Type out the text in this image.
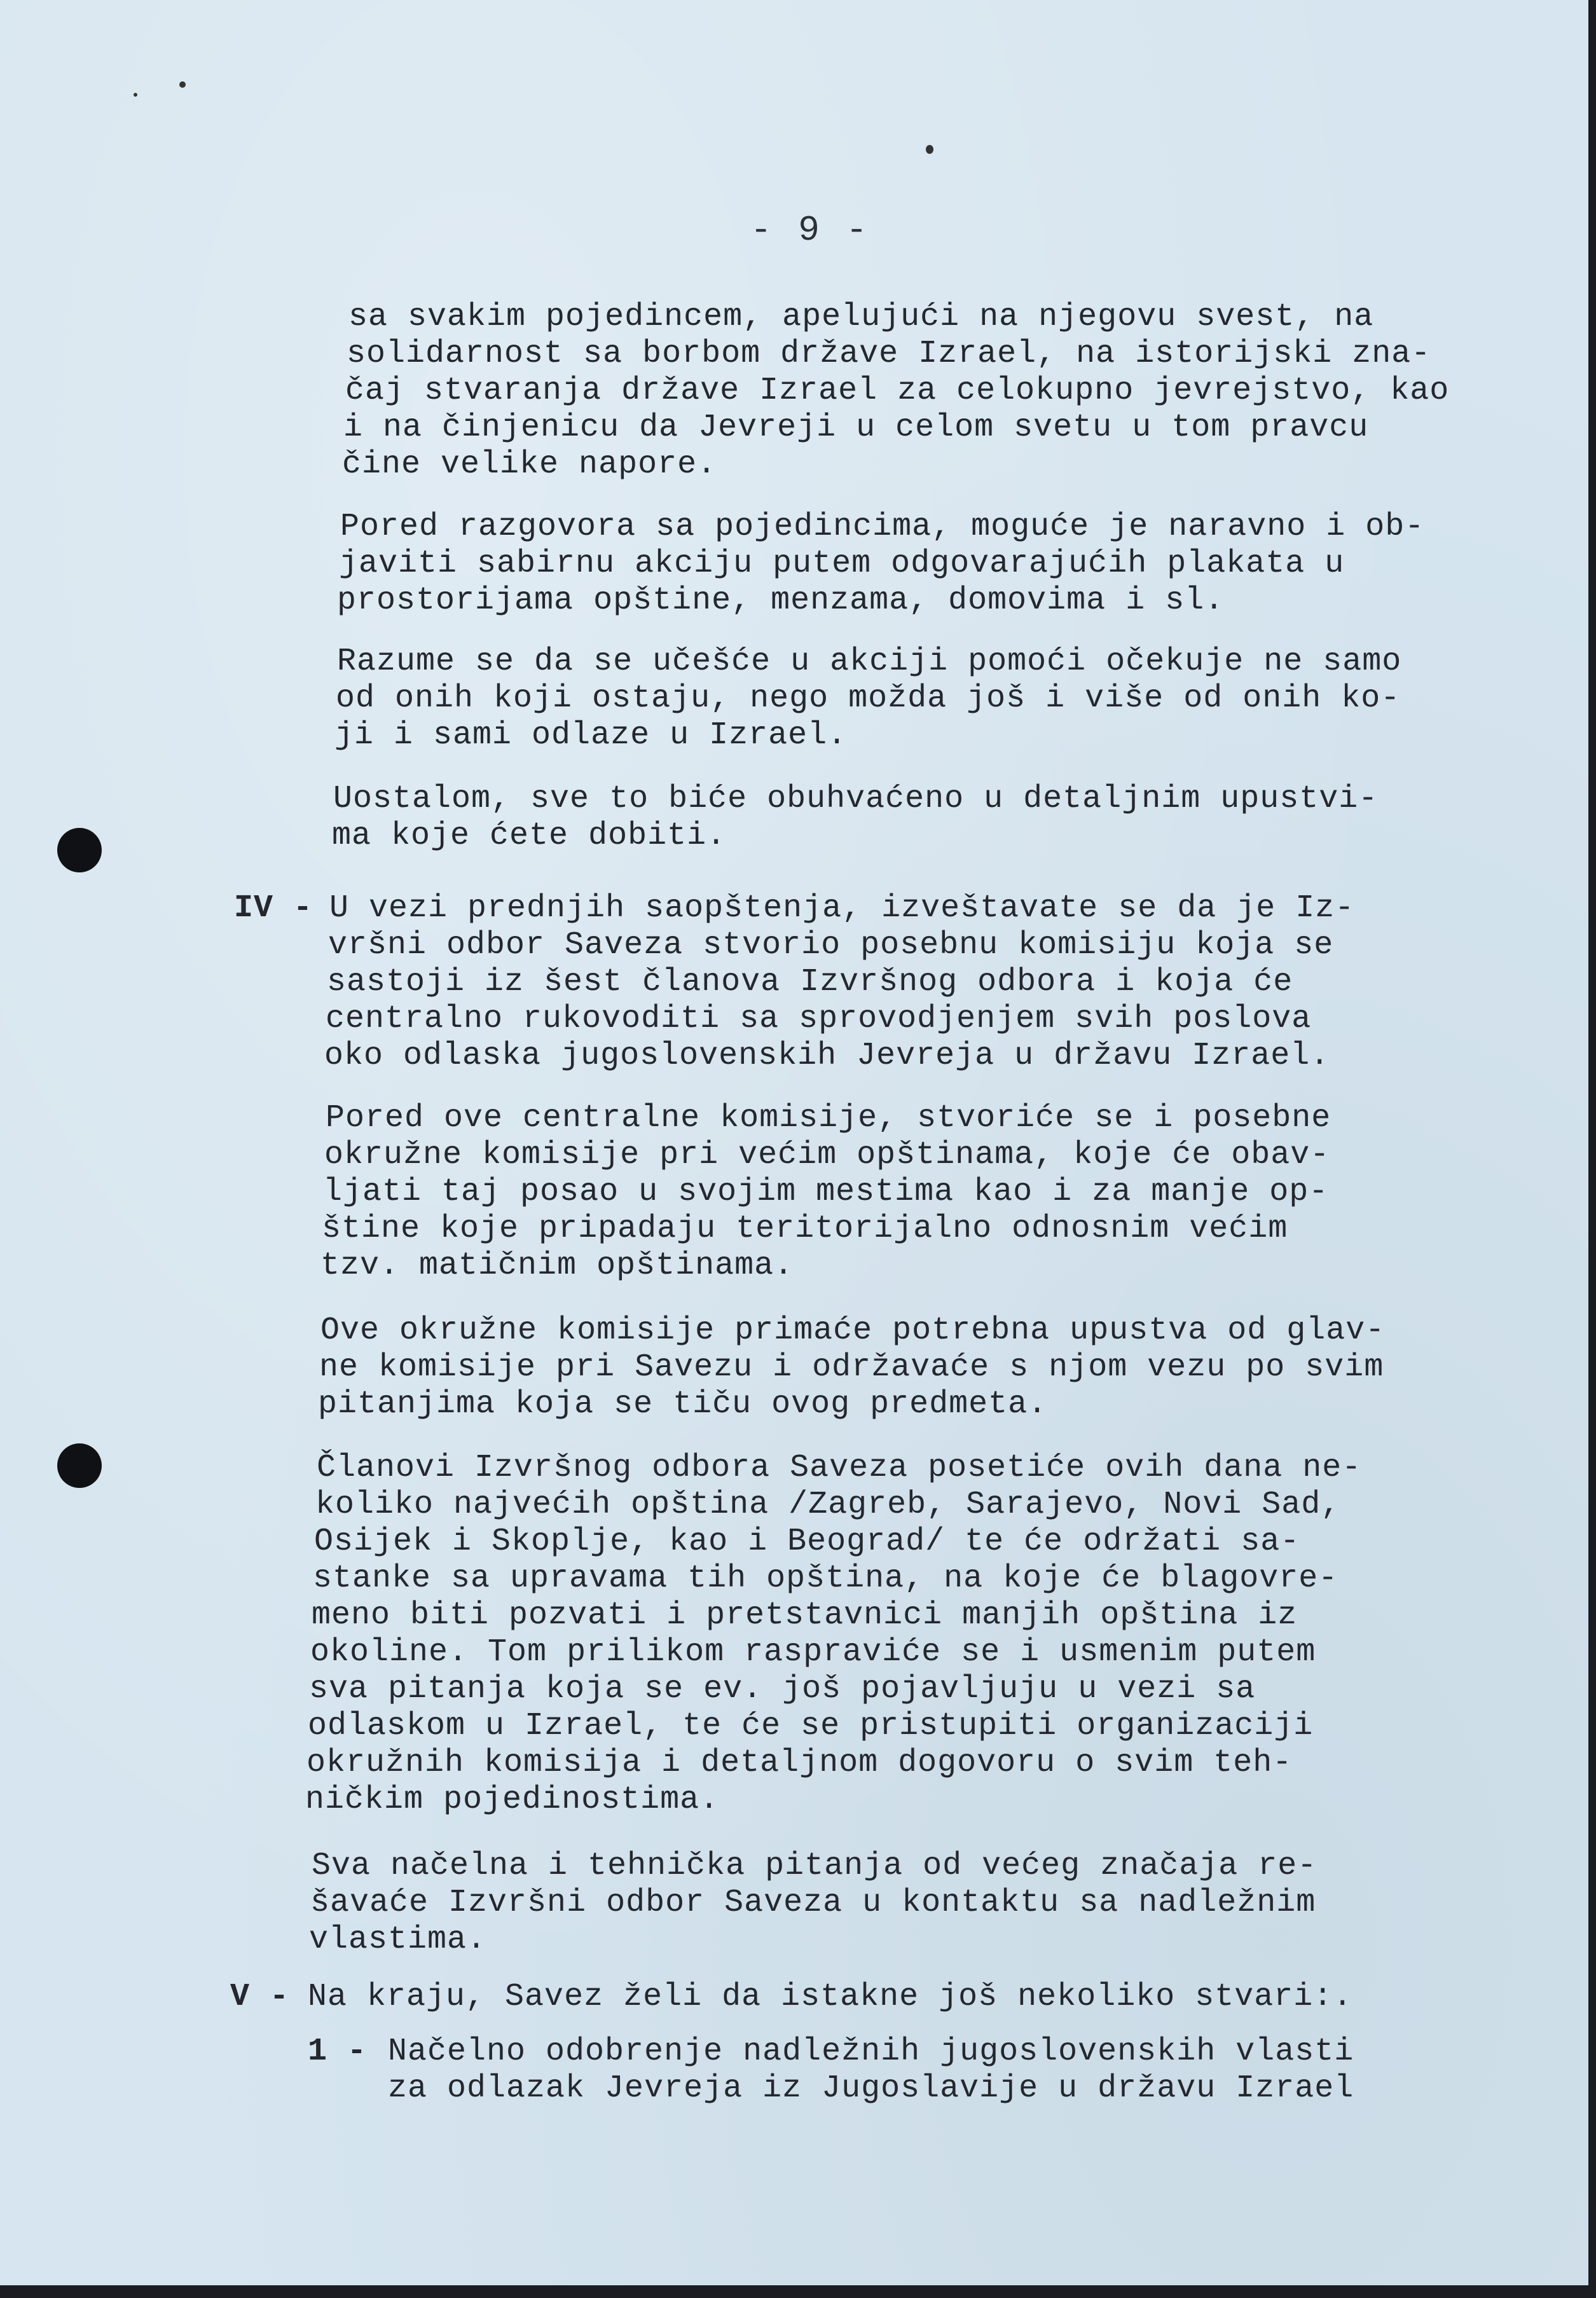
- 9 -
sa svakim pojedincem, apelujući na njegovu svest, na
solidarnost sa borbom države Izrael, na istorijski zna-
čaj stvaranja države Izrael za celokupno jevrejstvo, kao
i na činjenicu da Jevreji u celom svetu u tom pravcu
čine velike napore.
Pored razgovora sa pojedincima, moguće je naravno i ob-
javiti sabirnu akciju putem odgovarajućih plakata u
prostorijama opštine, menzama, domovima i sl.
Razume se da se učešće u akciji pomoći očekuje ne samo
od onih koji ostaju, nego možda još i više od onih ko-
ji i sami odlaze u Izrael.
Uostalom, sve to biće obuhvaćeno u detaljnim upustvi-
ma koje ćete dobiti.
IV - U vezi prednjih saopštenja, izveštavate se da je Iz-
vršni odbor Saveza stvorio posebnu komisiju koja se
sastoji iz šest članova Izvršnog odbora i koja će
centralno rukovoditi sa sprovodjenjem svih poslova
oko odlaska jugoslovenskih Jevreja u državu Izrael.
Pored ove centralne komisije, stvoriće se i posebne
okružne komisije pri većim opštinama, koje će obav-
ljati taj posao u svojim mestima kao i za manje op-
štine koje pripadaju teritorijalno odnosnim većim
tzv. matičnim opštinama.
Ove okružne komisije primaće potrebna upustva od glav-
ne komisije pri Savezu i održavaće s njom vezu po svim
pitanjima koja se tiču ovog predmeta.
Članovi Izvršnog odbora Saveza posetiće ovih dana ne-
koliko najvećih opština /Zagreb, Sarajevo, Novi Sad,
Osijek i Skoplje, kao i Beograd/ te će održati sa-
stanke sa upravama tih opština, na koje će blagovre-
meno biti pozvati i pretstavnici manjih opština iz
okoline. Tom prilikom raspraviće se i usmenim putem
sva pitanja koja se ev. još pojavljuju u vezi sa
odlaskom u Izrael, te će se pristupiti organizaciji
okružnih komisija i detaljnom dogovoru o svim teh-
ničkim pojedinostima.
Sva načelna i tehnička pitanja od većeg značaja re-
šavaće Izvršni odbor Saveza u kontaktu sa nadležnim
vlastima.
V - Na kraju, Savez želi da istakne još nekoliko stvari:.
1 - Načelno odobrenje nadležnih jugoslovenskih vlasti
za odlazak Jevreja iz Jugoslavije u državu Izrael
